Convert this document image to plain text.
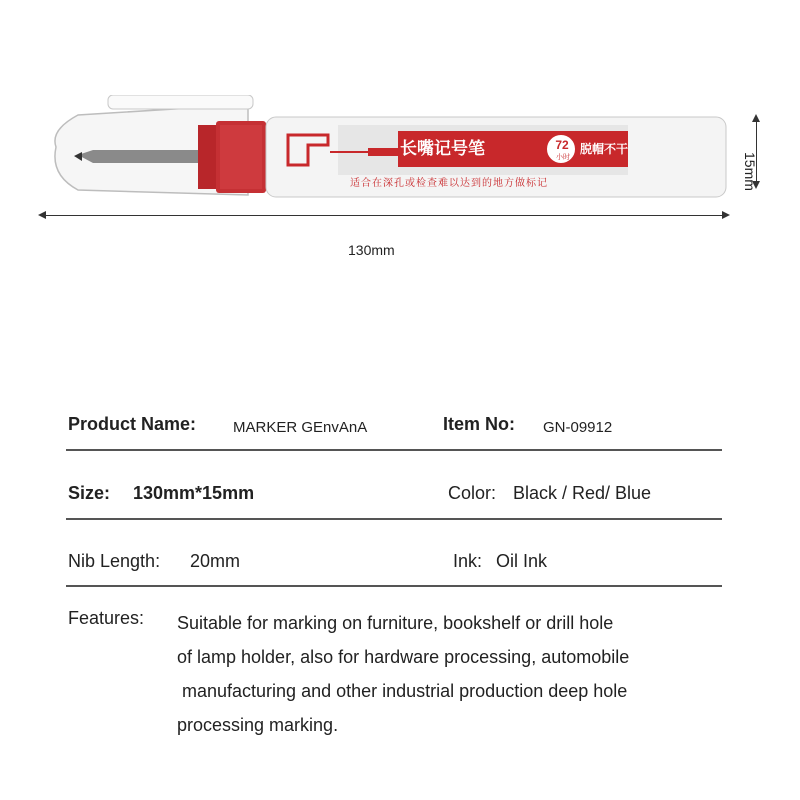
长嘴记号笔	72
小时
脱帽不干
适合在深孔或检查难以达到的地方做标记
130mm
15mm
Product Name: MARKER GEnvAnA	Item No: GN-09912
Size: 130mm*15mm	Color: Black / Red/ Blue
Nib Length: 20mm	Ink: Oil Ink
Features: Suitable for marking on furniture, bookshelf or drill hole
of lamp holder, also for hardware processing, automobile
manufacturing and other industrial production deep hole
processing marking.
